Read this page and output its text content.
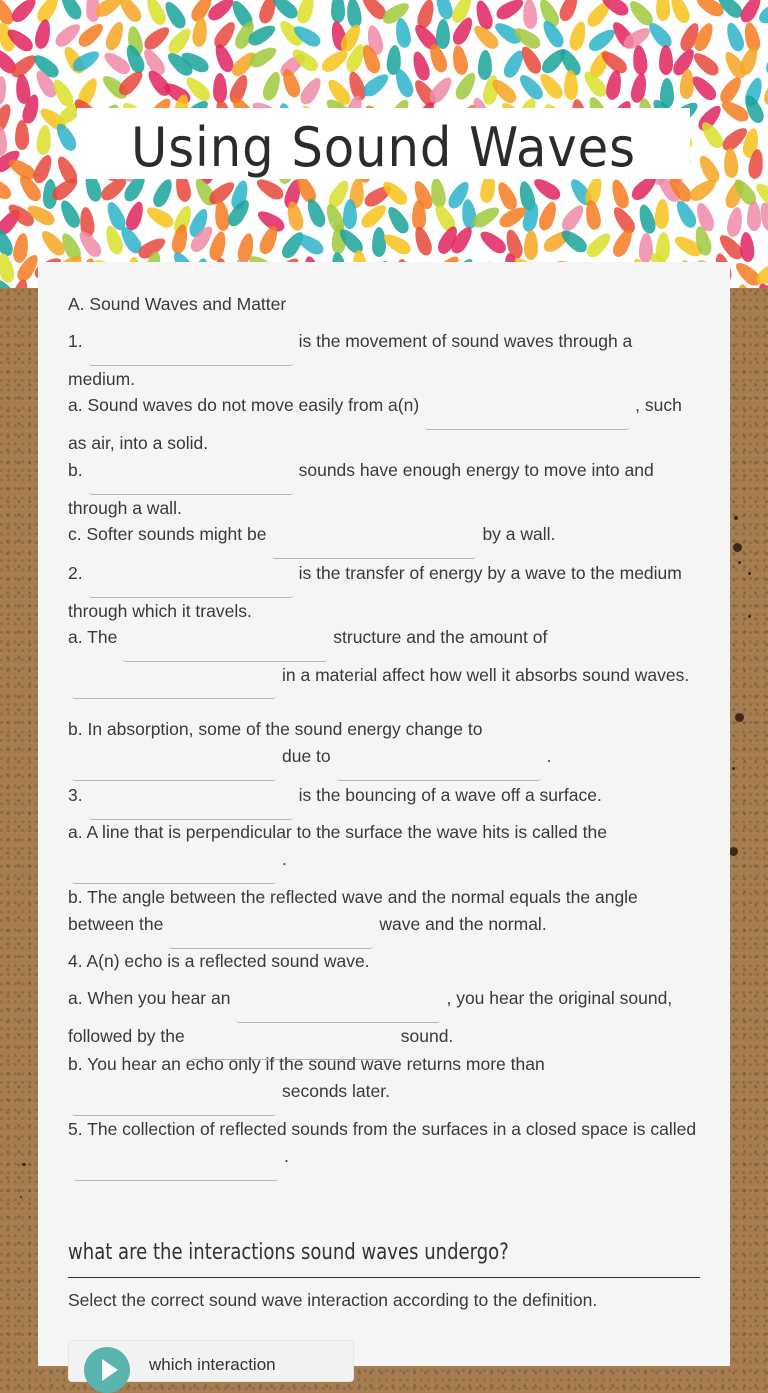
Using Sound Waves
A. Sound Waves and Matter
1.	is the movement of sound waves through a medium.
a. Sound waves do not move easily from a(n)	, such as air, into a solid.
b.	sounds have enough energy to move into and through a wall.
c. Softer sounds might be	by a wall.
2.	is the transfer of energy by a wave to the medium through which it travels.
a. The	structure and the amount of in a material affect how well it absorbs sound waves.
b. In absorption, some of the sound energy change to due to	.
3.	is the bouncing of a wave off a surface.
a. A line that is perpendicular to the surface the wave hits is called the .
b. The angle between the reflected wave and the normal equals the angle between the	wave and the normal.
4. A(n) echo is a reflected sound wave.
a. When you hear an	, you hear the original sound, followed by the	sound.
b. You hear an echo only if the sound wave returns more than seconds later.
5. The collection of reflected sounds from the surfaces in a closed space is called.
what are the interactions sound waves undergo?
Select the correct sound wave interaction according to the definition.
which interaction
